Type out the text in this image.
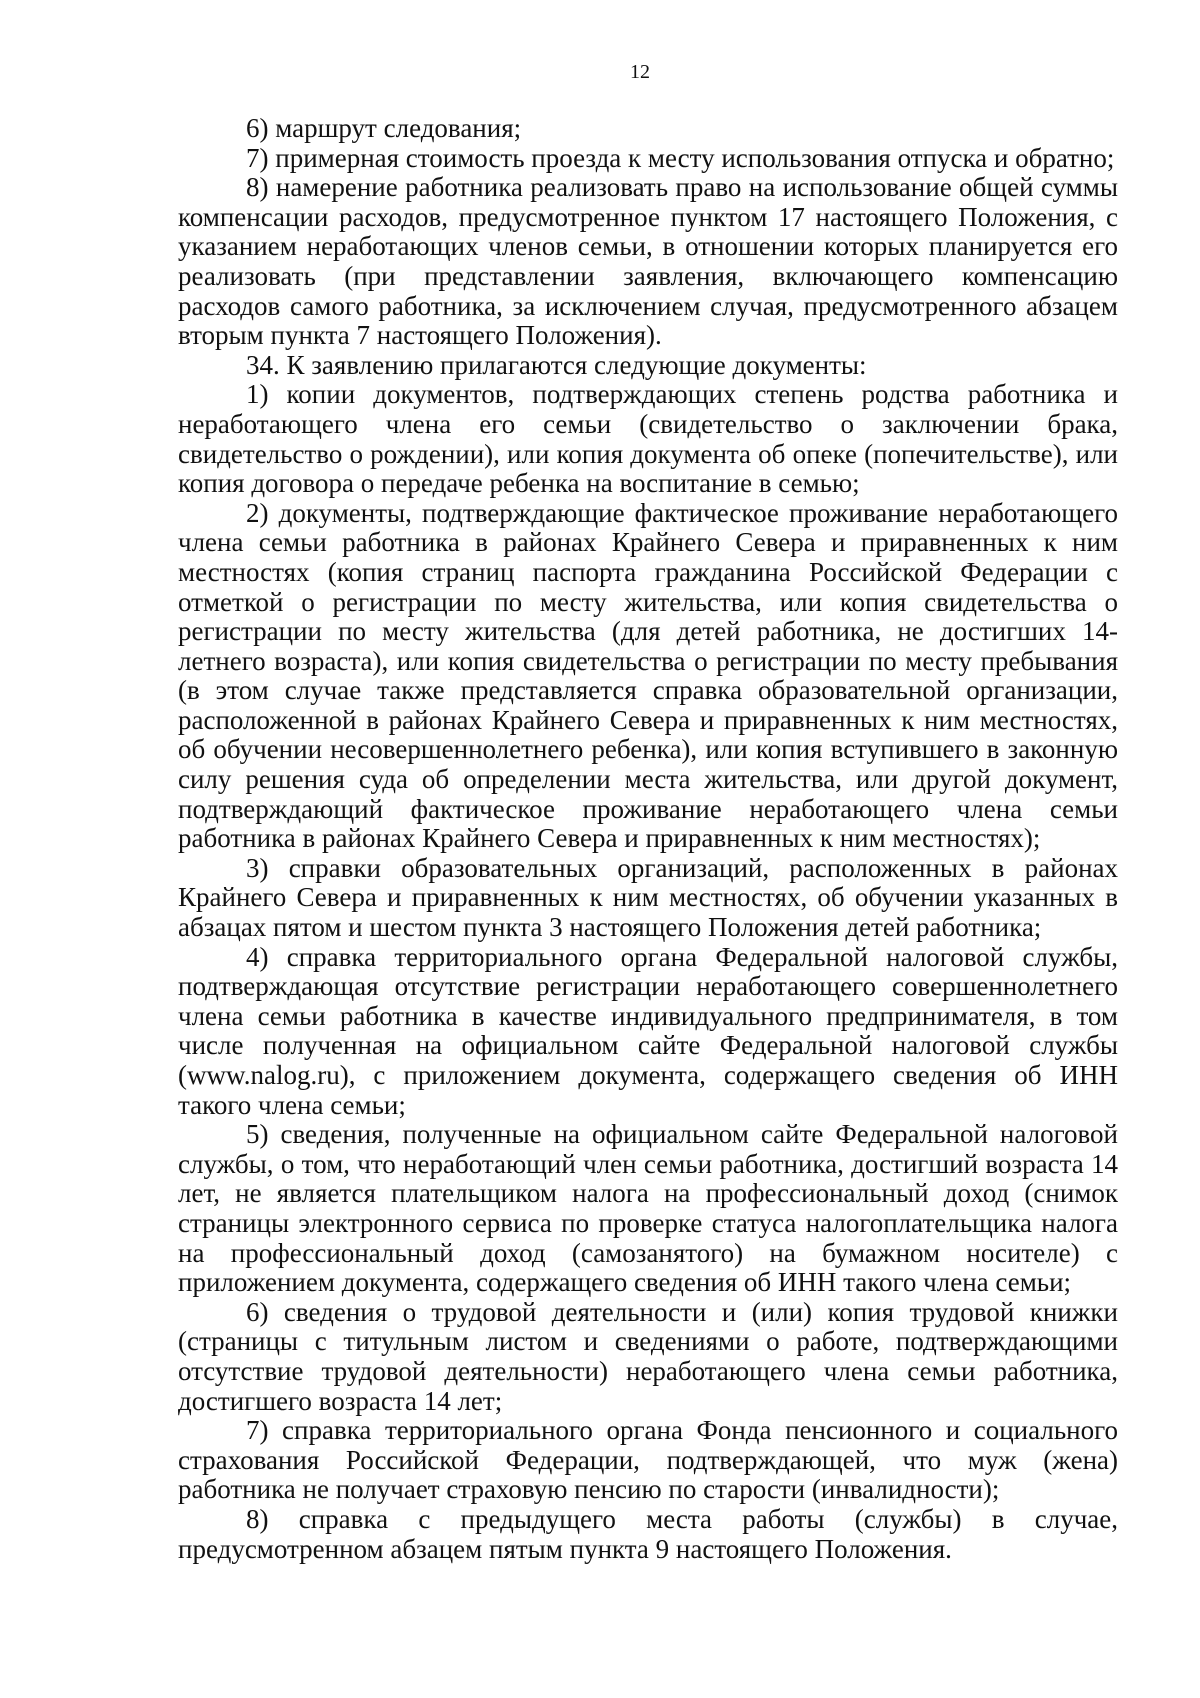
12

6) маршрут следования;

7) примерная стоимость проезда к месту использования отпуска и обратно;

8) намерение работника реализовать право на использование общей суммы компенсации расходов, предусмотренное пунктом 17 настоящего Положения, с указанием неработающих членов семьи, в отношении которых планируется его реализовать (при представлении заявления, включающего компенсацию расходов самого работника, за исключением случая, предусмотренного абзацем вторым пункта 7 настоящего Положения).

34. К заявлению прилагаются следующие документы:

1) копии документов, подтверждающих степень родства работника и неработающего члена его семьи (свидетельство о заключении брака, свидетельство о рождении), или копия документа об опеке (попечительстве), или копия договора о передаче ребенка на воспитание в семью;

2) документы, подтверждающие фактическое проживание неработающего члена семьи работника в районах Крайнего Севера и приравненных к ним местностях (копия страниц паспорта гражданина Российской Федерации с отметкой о регистрации по месту жительства, или копия свидетельства о регистрации по месту жительства (для детей работника, не достигших 14-летнего возраста), или копия свидетельства о регистрации по месту пребывания (в этом случае также представляется справка образовательной организации, расположенной в районах Крайнего Севера и приравненных к ним местностях, об обучении несовершеннолетнего ребенка), или копия вступившего в законную силу решения суда об определении места жительства, или другой документ, подтверждающий фактическое проживание неработающего члена семьи работника в районах Крайнего Севера и приравненных к ним местностях);

3) справки образовательных организаций, расположенных в районах Крайнего Севера и приравненных к ним местностях, об обучении указанных в абзацах пятом и шестом пункта 3 настоящего Положения детей работника;

4) справка территориального органа Федеральной налоговой службы, подтверждающая отсутствие регистрации неработающего совершеннолетнего члена семьи работника в качестве индивидуального предпринимателя, в том числе полученная на официальном сайте Федеральной налоговой службы (www.nalog.ru), с приложением документа, содержащего сведения об ИНН такого члена семьи;

5) сведения, полученные на официальном сайте Федеральной налоговой службы, о том, что неработающий член семьи работника, достигший возраста 14 лет, не является плательщиком налога на профессиональный доход (снимок страницы электронного сервиса по проверке статуса налогоплательщика налога на профессиональный доход (самозанятого) на бумажном носителе) с приложением документа, содержащего сведения об ИНН такого члена семьи;

6) сведения о трудовой деятельности и (или) копия трудовой книжки (страницы с титульным листом и сведениями о работе, подтверждающими отсутствие трудовой деятельности) неработающего члена семьи работника, достигшего возраста 14 лет;

7) справка территориального органа Фонда пенсионного и социального страхования Российской Федерации, подтверждающей, что муж (жена) работника не получает страховую пенсию по старости (инвалидности);

8) справка с предыдущего места работы (службы) в случае, предусмотренном абзацем пятым пункта 9 настоящего Положения.
